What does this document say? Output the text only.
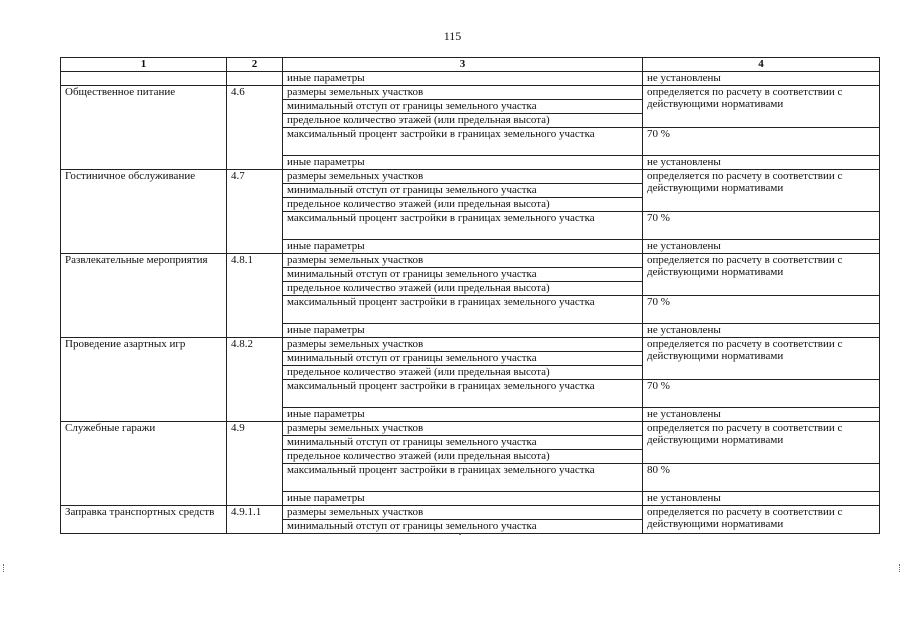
115
1	2	3	4
		иные параметры	не установлены
Общественное питание	4.6	размеры земельных участков	определяется по расчету в соответствии с действующими нормативами
		минимальный отступ от границы земельного участка	
		предельное количество этажей (или предельная высота)	
		максимальный процент застройки в границах земельного участка	70 %
		иные параметры	не установлены
Гостиничное обслуживание	4.7	размеры земельных участков	определяется по расчету в соответствии с действующими нормативами
		минимальный отступ от границы земельного участка	
		предельное количество этажей (или предельная высота)	
		максимальный процент застройки в границах земельного участка	70 %
		иные параметры	не установлены
Развлекательные мероприятия	4.8.1	размеры земельных участков	определяется по расчету в соответствии с действующими нормативами
		минимальный отступ от границы земельного участка	
		предельное количество этажей (или предельная высота)	
		максимальный процент застройки в границах земельного участка	70 %
		иные параметры	не установлены
Проведение азартных игр	4.8.2	размеры земельных участков	определяется по расчету в соответствии с действующими нормативами
		минимальный отступ от границы земельного участка	
		предельное количество этажей (или предельная высота)	
		максимальный процент застройки в границах земельного участка	70 %
		иные параметры	не установлены
Служебные гаражи	4.9	размеры земельных участков	определяется по расчету в соответствии с действующими нормативами
		минимальный отступ от границы земельного участка	
		предельное количество этажей (или предельная высота)	
		максимальный процент застройки в границах земельного участка	80 %
		иные параметры	не установлены
Заправка транспортных средств	4.9.1.1	размеры земельных участков	определяется по расчету в соответствии с действующими нормативами
		минимальный отступ от границы земельного участка	
